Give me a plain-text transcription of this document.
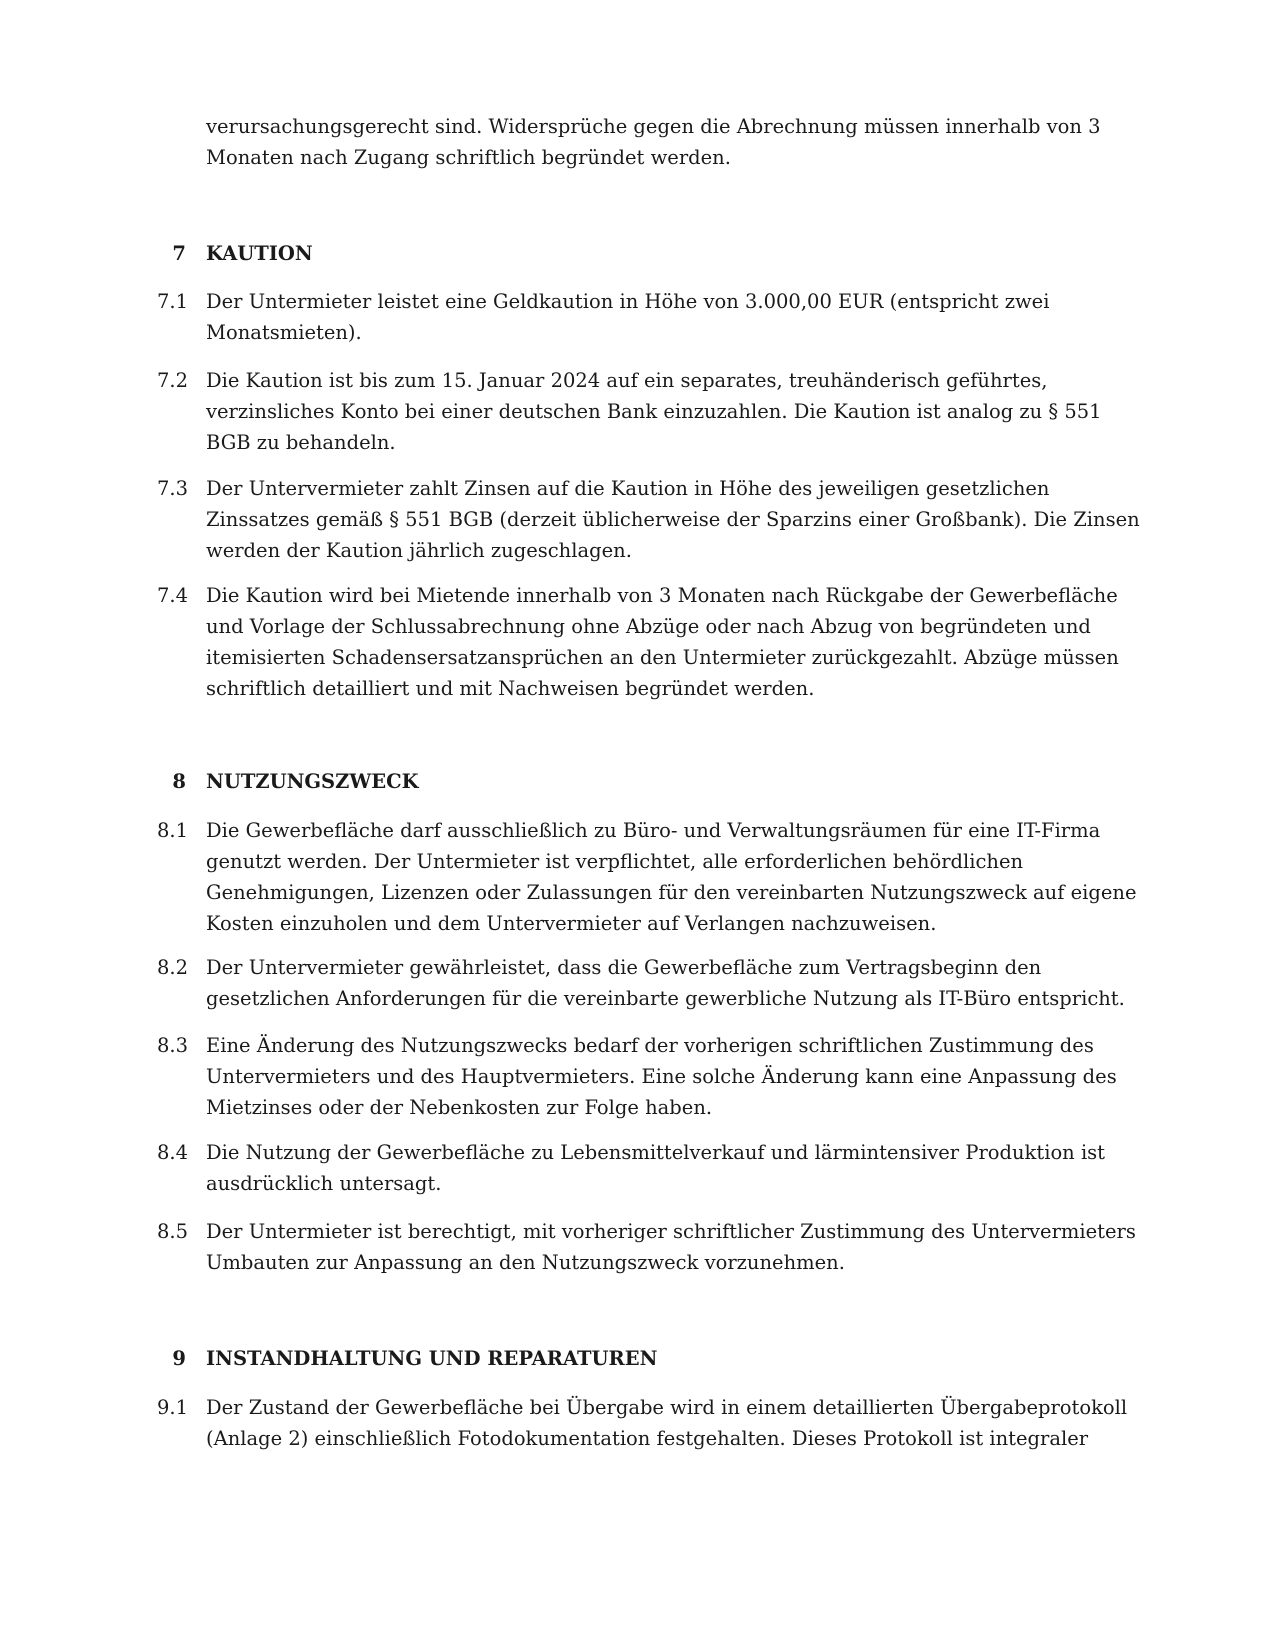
verursachungsgerecht sind. Widersprüche gegen die Abrechnung müssen innerhalb von 3
Monaten nach Zugang schriftlich begründet werden.
7 KAUTION
7.1 Der Untermieter leistet eine Geldkaution in Höhe von 3.000,00 EUR (entspricht zwei
Monatsmieten).
7.2 Die Kaution ist bis zum 15. Januar 2024 auf ein separates, treuhänderisch geführtes,
verzinsliches Konto bei einer deutschen Bank einzuzahlen. Die Kaution ist analog zu § 551
BGB zu behandeln.
7.3 Der Untervermieter zahlt Zinsen auf die Kaution in Höhe des jeweiligen gesetzlichen
Zinssatzes gemäß § 551 BGB (derzeit üblicherweise der Sparzins einer Großbank). Die Zinsen
werden der Kaution jährlich zugeschlagen.
7.4 Die Kaution wird bei Mietende innerhalb von 3 Monaten nach Rückgabe der Gewerbefläche
und Vorlage der Schlussabrechnung ohne Abzüge oder nach Abzug von begründeten und
itemisierten Schadensersatzansprüchen an den Untermieter zurückgezahlt. Abzüge müssen
schriftlich detailliert und mit Nachweisen begründet werden.
8 NUTZUNGSZWECK
8.1 Die Gewerbefläche darf ausschließlich zu Büro- und Verwaltungsräumen für eine IT-Firma
genutzt werden. Der Untermieter ist verpflichtet, alle erforderlichen behördlichen
Genehmigungen, Lizenzen oder Zulassungen für den vereinbarten Nutzungszweck auf eigene
Kosten einzuholen und dem Untervermieter auf Verlangen nachzuweisen.
8.2 Der Untervermieter gewährleistet, dass die Gewerbefläche zum Vertragsbeginn den
gesetzlichen Anforderungen für die vereinbarte gewerbliche Nutzung als IT-Büro entspricht.
8.3 Eine Änderung des Nutzungszwecks bedarf der vorherigen schriftlichen Zustimmung des
Untervermieters und des Hauptvermieters. Eine solche Änderung kann eine Anpassung des
Mietzinses oder der Nebenkosten zur Folge haben.
8.4 Die Nutzung der Gewerbefläche zu Lebensmittelverkauf und lärmintensiver Produktion ist
ausdrücklich untersagt.
8.5 Der Untermieter ist berechtigt, mit vorheriger schriftlicher Zustimmung des Untervermieters
Umbauten zur Anpassung an den Nutzungszweck vorzunehmen.
9 INSTANDHALTUNG UND REPARATUREN
9.1 Der Zustand der Gewerbefläche bei Übergabe wird in einem detaillierten Übergabeprotokoll
(Anlage 2) einschließlich Fotodokumentation festgehalten. Dieses Protokoll ist integraler
